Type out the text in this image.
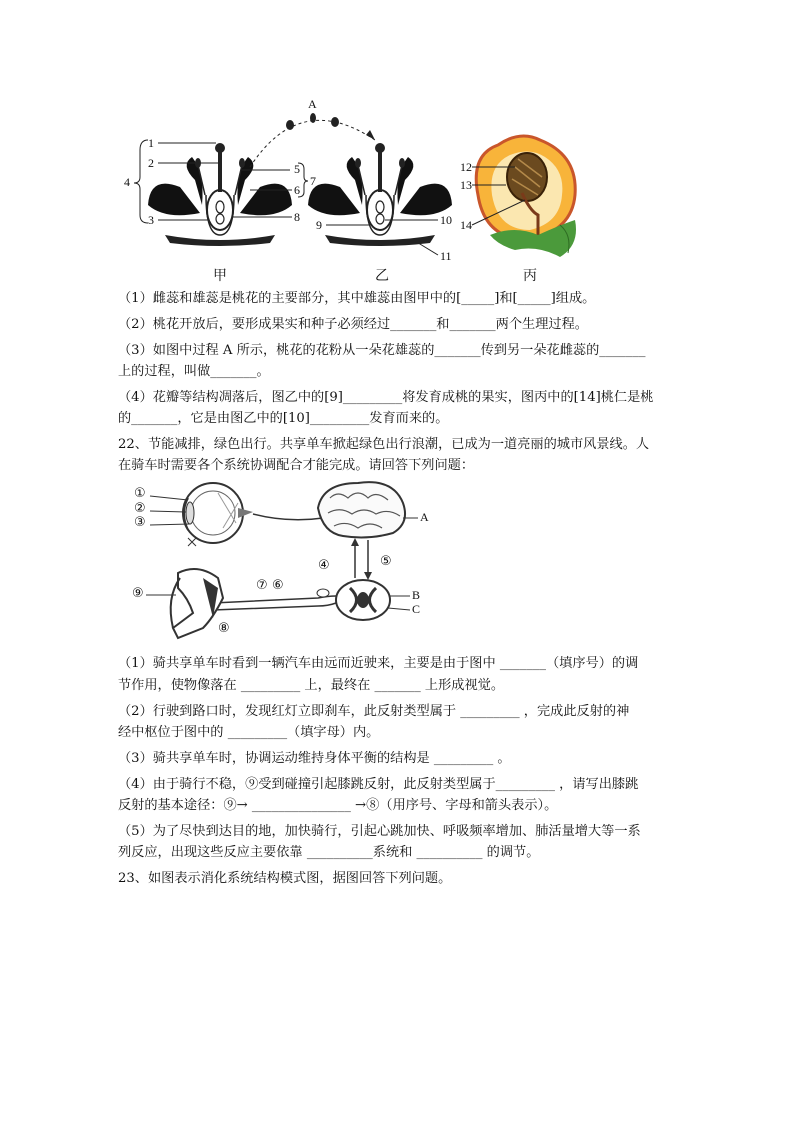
1
2
3
4
5
6
7
8
9	10
11
12
13
14
A
甲	乙	丙
（1）雌蕊和雄蕊是桃花的主要部分，其中雄蕊由图甲中的[_____]和[_____]组成。
（2）桃花开放后，要形成果实和种子必须经过_______和_______两个生理过程。
（3）如图中过程 A 所示，桃花的花粉从一朵花雄蕊的_______传到另一朵花雌蕊的_______
上的过程，叫做_______。
（4）花瓣等结构凋落后，图乙中的[9]_________将发育成桃的果实，图丙中的[14]桃仁是桃
的_______，它是由图乙中的[10]_________发育而来的。
22、节能减排，绿色出行。共享单车掀起绿色出行浪潮，已成为一道亮丽的城市风景线。人
在骑车时需要各个系统协调配合才能完成。请回答下列问题：
①
②
③
④	⑤
⑥
⑦
⑧
⑨
A
B
C
（1）骑共享单车时看到一辆汽车由远而近驶来，主要是由于图中 _______（填序号）的调
节作用，使物像落在 _________ 上，最终在 _______ 上形成视觉。
（2）行驶到路口时，发现红灯立即刹车，此反射类型属于 _________ ，完成此反射的神
经中枢位于图中的 _________（填字母）内。
（3）骑共享单车时，协调运动维持身体平衡的结构是 _________ 。
（4）由于骑行不稳，⑨受到碰撞引起膝跳反射，此反射类型属于_________ ，请写出膝跳
反射的基本途径：⑨→ _______________ →⑧（用序号、字母和箭头表示）。
（5）为了尽快到达目的地，加快骑行，引起心跳加快、呼吸频率增加、肺活量增大等一系
列反应，出现这些反应主要依靠 __________系统和 __________ 的调节。
23、如图表示消化系统结构模式图，据图回答下列问题。
